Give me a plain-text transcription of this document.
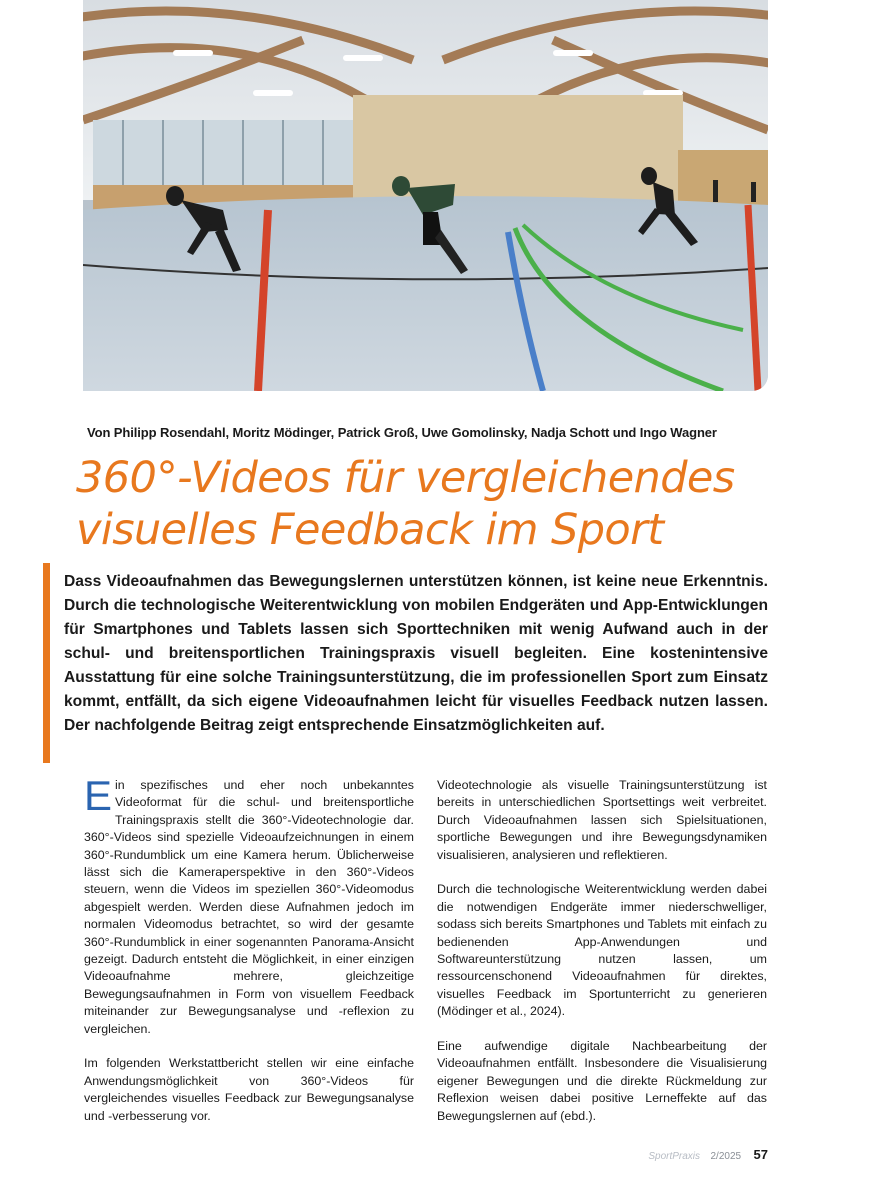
Von Philipp Rosendahl, Moritz Mödinger, Patrick Groß, Uwe Gomolinsky, Nadja Schott und Ingo Wagner
360°-Videos für vergleichendes
visuelles Feedback im Sport

Dass Videoaufnahmen das Bewegungslernen unterstützen können, ist keine neue Erkenntnis. Durch die technologische Weiterentwicklung von mobilen Endgeräten und App-Entwicklungen für Smartphones und Tablets lassen sich Sporttechniken mit wenig Aufwand auch in der schul- und breitensportlichen Trainingspraxis visuell begleiten. Eine kostenintensive Ausstattung für eine solche Trainingsunterstützung, die im professionellen Sport zum Einsatz kommt, entfällt, da sich eigene Videoaufnahmen leicht für visuelles Feedback nutzen lassen. Der nachfolgende Beitrag zeigt entsprechende Einsatzmöglichkeiten auf.

Ein spezifisches und eher noch unbekanntes Videoformat für die schul- und breitensportliche Trainingspraxis stellt die 360°-Videotechnologie dar. 360°-Videos sind spezielle Videoaufzeichnungen in einem 360°-Rundumblick um eine Kamera herum. Üblicherweise lässt sich die Kameraperspektive in den 360°-Videos steuern, wenn die Videos im speziellen 360°-Videomodus abgespielt werden. Werden diese Aufnahmen jedoch im normalen Videomodus betrachtet, so wird der gesamte 360°-Rundumblick in einer sogenannten Panorama-Ansicht gezeigt. Dadurch entsteht die Möglichkeit, in einer einzigen Videoaufnahme mehrere, gleichzeitige Bewegungsaufnahmen in Form von visuellem Feedback miteinander zur Bewegungsanalyse und -reflexion zu vergleichen.

Im folgenden Werkstattbericht stellen wir eine einfache Anwendungsmöglichkeit von 360°-Videos für vergleichendes visuelles Feedback zur Bewegungsanalyse und -verbesserung vor.

Videotechnologie als visuelle Trainingsunterstützung ist bereits in unterschiedlichen Sportsettings weit verbreitet. Durch Videoaufnahmen lassen sich Spielsituationen, sportliche Bewegungen und ihre Bewegungsdynamiken visualisieren, analysieren und reflektieren.

Durch die technologische Weiterentwicklung werden dabei die notwendigen Endgeräte immer niederschwelliger, sodass sich bereits Smartphones und Tablets mit einfach zu bedienenden App-Anwendungen und Softwareunterstützung nutzen lassen, um ressourcenschonend Videoaufnahmen für direktes, visuelles Feedback im Sportunterricht zu generieren (Mödinger et al., 2024).

Eine aufwendige digitale Nachbearbeitung der Videoaufnahmen entfällt. Insbesondere die Visualisierung eigener Bewegungen und die direkte Rückmeldung zur Reflexion weisen dabei positive Lerneffekte auf das Bewegungslernen auf (ebd.).

SportPraxis 2/2025 57
